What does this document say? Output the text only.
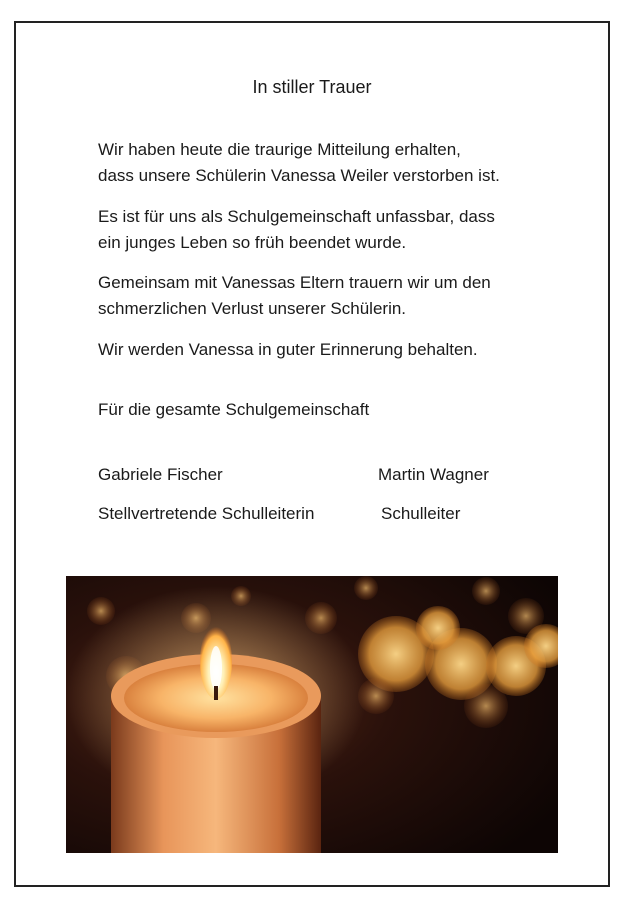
In stiller Trauer

Wir haben heute die traurige Mitteilung erhalten,
dass unsere Schülerin Vanessa Weiler verstorben ist.

Es ist für uns als Schulgemeinschaft unfassbar, dass
ein junges Leben so früh beendet wurde.

Gemeinsam mit Vanessas Eltern trauern wir um den
schmerzlichen Verlust unserer Schülerin.

Wir werden Vanessa in guter Erinnerung behalten.

Für die gesamte Schulgemeinschaft

Gabriele Fischer	Martin Wagner
Stellvertretende Schulleiterin	Schulleiter
